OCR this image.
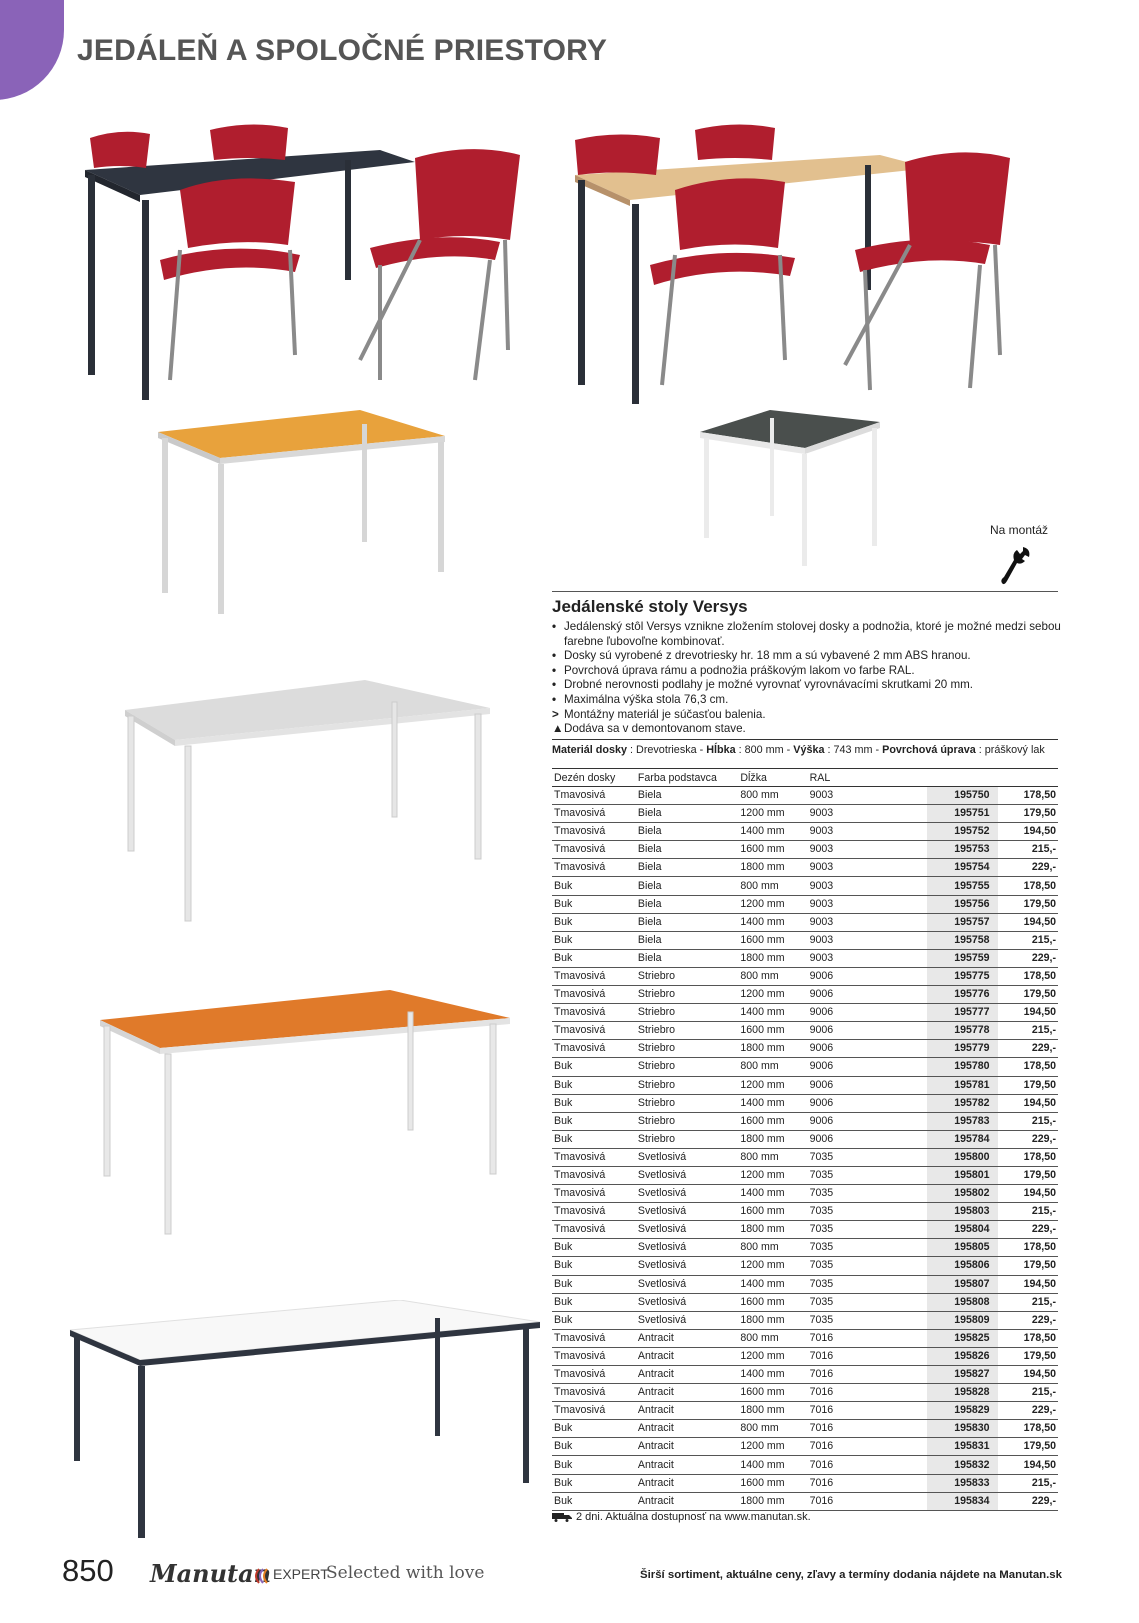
JEDÁLEŇ A SPOLOČNÉ PRIESTORY
Na montáž
Jedálenské stoly Versys
• Jedálenský stôl Versys vznikne zložením stolovej dosky a podnožia, ktoré je možné medzi sebou farebne ľubovoľne kombinovať.
• Dosky sú vyrobené z drevotriesky hr. 18 mm a sú vybavené 2 mm ABS hranou.
• Povrchová úprava rámu a podnožia práškovým lakom vo farbe RAL.
• Drobné nerovnosti podlahy je možné vyrovnať vyrovnávacími skrutkami 20 mm.
• Maximálna výška stola 76,3 cm.
> Montážny materiál je súčasťou balenia.
▲ Dodáva sa v demontovanom stave.
Materiál dosky : Drevotrieska - Hĺbka : 800 mm - Výška : 743 mm - Povrchová úprava : práškový lak
Dezén dosky	Farba podstavca	Dĺžka	RAL		
Tmavosivá	Biela	800 mm	9003	195750	178,50
Tmavosivá	Biela	1200 mm	9003	195751	179,50
Tmavosivá	Biela	1400 mm	9003	195752	194,50
Tmavosivá	Biela	1600 mm	9003	195753	215,-
Tmavosivá	Biela	1800 mm	9003	195754	229,-
Buk	Biela	800 mm	9003	195755	178,50
Buk	Biela	1200 mm	9003	195756	179,50
Buk	Biela	1400 mm	9003	195757	194,50
Buk	Biela	1600 mm	9003	195758	215,-
Buk	Biela	1800 mm	9003	195759	229,-
Tmavosivá	Striebro	800 mm	9006	195775	178,50
Tmavosivá	Striebro	1200 mm	9006	195776	179,50
Tmavosivá	Striebro	1400 mm	9006	195777	194,50
Tmavosivá	Striebro	1600 mm	9006	195778	215,-
Tmavosivá	Striebro	1800 mm	9006	195779	229,-
Buk	Striebro	800 mm	9006	195780	178,50
Buk	Striebro	1200 mm	9006	195781	179,50
Buk	Striebro	1400 mm	9006	195782	194,50
Buk	Striebro	1600 mm	9006	195783	215,-
Buk	Striebro	1800 mm	9006	195784	229,-
Tmavosivá	Svetlosivá	800 mm	7035	195800	178,50
Tmavosivá	Svetlosivá	1200 mm	7035	195801	179,50
Tmavosivá	Svetlosivá	1400 mm	7035	195802	194,50
Tmavosivá	Svetlosivá	1600 mm	7035	195803	215,-
Tmavosivá	Svetlosivá	1800 mm	7035	195804	229,-
Buk	Svetlosivá	800 mm	7035	195805	178,50
Buk	Svetlosivá	1200 mm	7035	195806	179,50
Buk	Svetlosivá	1400 mm	7035	195807	194,50
Buk	Svetlosivá	1600 mm	7035	195808	215,-
Buk	Svetlosivá	1800 mm	7035	195809	229,-
Tmavosivá	Antracit	800 mm	7016	195825	178,50
Tmavosivá	Antracit	1200 mm	7016	195826	179,50
Tmavosivá	Antracit	1400 mm	7016	195827	194,50
Tmavosivá	Antracit	1600 mm	7016	195828	215,-
Tmavosivá	Antracit	1800 mm	7016	195829	229,-
Buk	Antracit	800 mm	7016	195830	178,50
Buk	Antracit	1200 mm	7016	195831	179,50
Buk	Antracit	1400 mm	7016	195832	194,50
Buk	Antracit	1600 mm	7016	195833	215,-
Buk	Antracit	1800 mm	7016	195834	229,-
2 dni. Aktuálna dostupnosť na www.manutan.sk.
850 Manutan EXPERT
Selected with love	Širší sortiment, aktuálne ceny, zľavy a termíny dodania nájdete na Manutan.sk
